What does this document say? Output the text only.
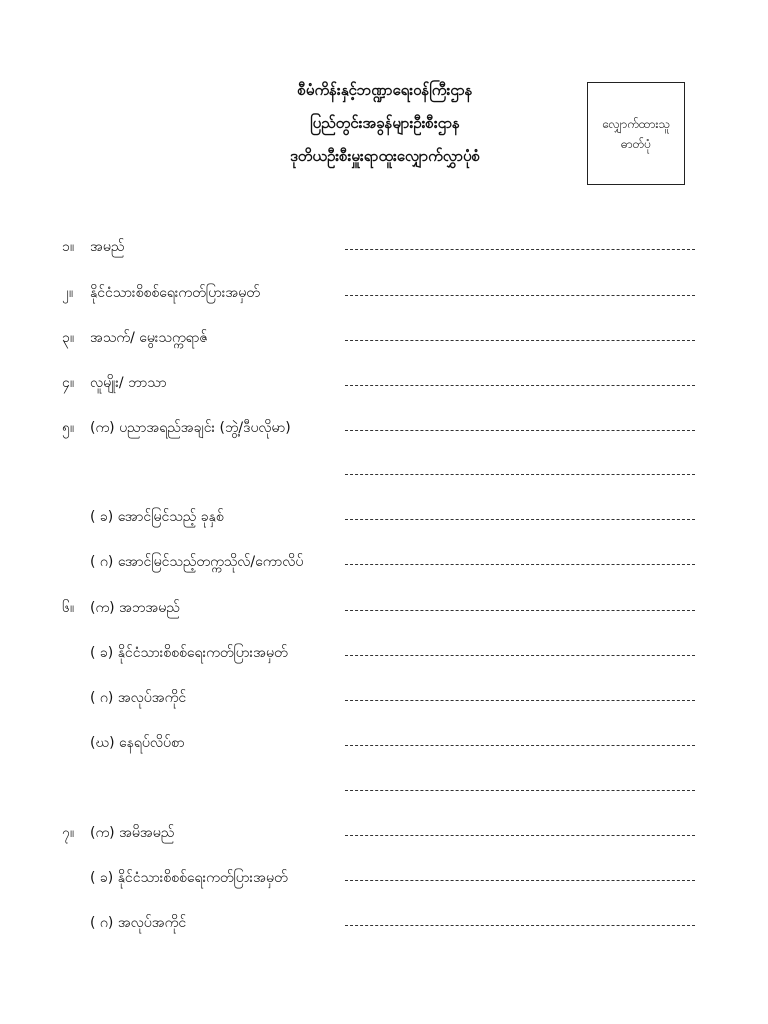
စီမံကိန်းနှင့်ဘဏ္ဍာရေးဝန်ကြီးဌာန
ပြည်တွင်းအခွန်များဦးစီးဌာန
ဒုတိယဦးစီးမှူးရာထူးလျှောက်လွှာပုံစံ
လျှောက်ထားသူ
ဓာတ်ပုံ
၁။ အမည်
၂။ နိုင်ငံသားစိစစ်ရေးကတ်ပြားအမှတ်
၃။ အသက်/ မွေးသက္ကရာဇ်
၄။ လူမျိုး/ ဘာသာ
၅။ (က) ပညာအရည်အချင်း (ဘွဲ့/ဒီပလိုမာ)
( ခ) အောင်မြင်သည့် ခုနှစ်
( ဂ) အောင်မြင်သည့်တက္ကသိုလ်/ကောလိပ်
၆။ (က) အဘအမည်
( ခ) နိုင်ငံသားစိစစ်ရေးကတ်ပြားအမှတ်
( ဂ) အလုပ်အကိုင်
(ဃ) နေရပ်လိပ်စာ
၇။ (က) အမိအမည်
( ခ) နိုင်ငံသားစိစစ်ရေးကတ်ပြားအမှတ်
( ဂ) အလုပ်အကိုင်
